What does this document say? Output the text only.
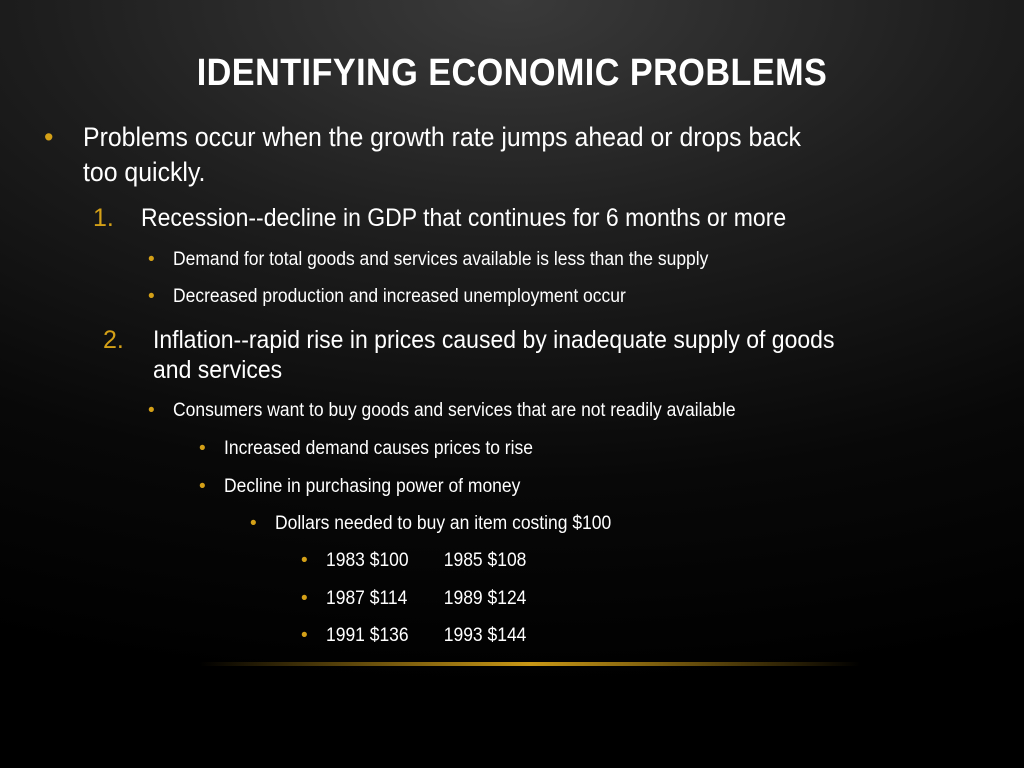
IDENTIFYING ECONOMIC PROBLEMS
• Problems occur when the growth rate jumps ahead or drops back
too quickly.
1. Recession--decline in GDP that continues for 6 months or more
• Demand for total goods and services available is less than the supply
• Decreased production and increased unemployment occur
2. Inflation--rapid rise in prices caused by inadequate supply of goods
and services
• Consumers want to buy goods and services that are not readily available
• Increased demand causes prices to rise
• Decline in purchasing power of money
• Dollars needed to buy an item costing $100
• 1983 $100 1985 $108
• 1987 $114 1989 $124
• 1991 $136 1993 $144
